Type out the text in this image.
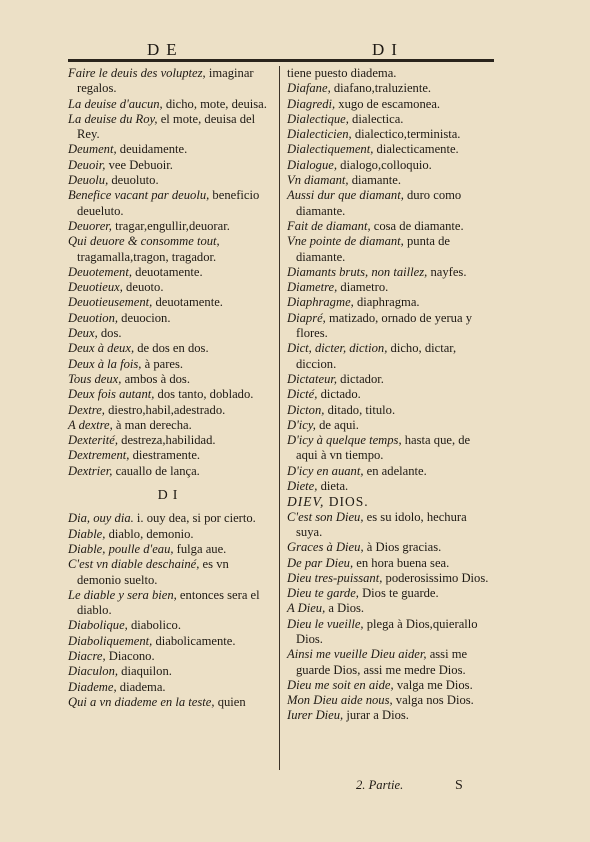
DE	DI

Faire le deuis des voluptez, imaginar regalos.

La deuise d'aucun, dicho, mote, deuisa.

La deuise du Roy, el mote, deuisa del Rey.

Deument, deuidamente.

Deuoir, vee Debuoir.

Deuolu, deuoluto.

Benefice vacant par deuolu, beneficio deueluto.

Deuorer, tragar,engullir,deuorar.

Qui deuore & consomme tout, tragamalla,tragon, tragador.

Deuotement, deuotamente.

Deuotieux, deuoto.

Deuotieusement, deuotamente.

Deuotion, deuocion.

Deux, dos.

Deux à deux, de dos en dos.

Deux à la fois, à pares.

Tous deux, ambos à dos.

Deux fois autant, dos tanto, doblado.

Dextre, diestro,habil,adestrado.

A dextre, à man derecha.

Dexterité, destreza,habilidad.

Dextrement, diestramente.

Dextrier, cauallo de lança.

DI

Dia, ouy dia. i. ouy dea, si por cierto.

Diable, diablo, demonio.

Diable, poulle d'eau, fulga aue.

C'est vn diable deschainé, es vn demonio suelto.

Le diable y sera bien, entonces sera el diablo.

Diabolique, diabolico.

Diaboliquement, diabolicamente.

Diacre, Diacono.

Diaculon, diaquilon.

Diademe, diadema.

Qui a vn diademe en la teste, quien

tiene puesto diadema.

Diafane, diafano,traluziente.

Diagredi, xugo de escamonea.

Dialectique, dialectica.

Dialecticien, dialectico,terminista.

Dialectiquement, dialecticamente.

Dialogue, dialogo,colloquio.

Vn diamant, diamante.

Aussi dur que diamant, duro como diamante.

Fait de diamant, cosa de diamante.

Vne pointe de diamant, punta de diamante.

Diamants bruts, non taillez, nayfes.

Diametre, diametro.

Diaphragme, diaphragma.

Diapré, matizado, ornado de yerua y flores.

Dict, dicter, diction, dicho, dictar, diccion.

Dictateur, dictador.

Dicté, dictado.

Dicton, ditado, titulo.

D'icy, de aqui.

D'icy à quelque temps, hasta que, de aqui à vn tiempo.

D'icy en auant, en adelante.

Diete, dieta.

DIEV, DIOS.

C'est son Dieu, es su idolo, hechura suya.

Graces à Dieu, à Dios gracias.

De par Dieu, en hora buena sea.

Dieu tres-puissant, poderosissimo Dios.

Dieu te garde, Dios te guarde.

A Dieu, a Dios.

Dieu le vueille, plega à Dios,quierallo Dios.

Ainsi me vueille Dieu aider, assi me guarde Dios, assi me medre Dios.

Dieu me soit en aide, valga me Dios.

Mon Dieu aide nous, valga nos Dios.

Iurer Dieu, jurar a Dios.

2. Partie.	S
